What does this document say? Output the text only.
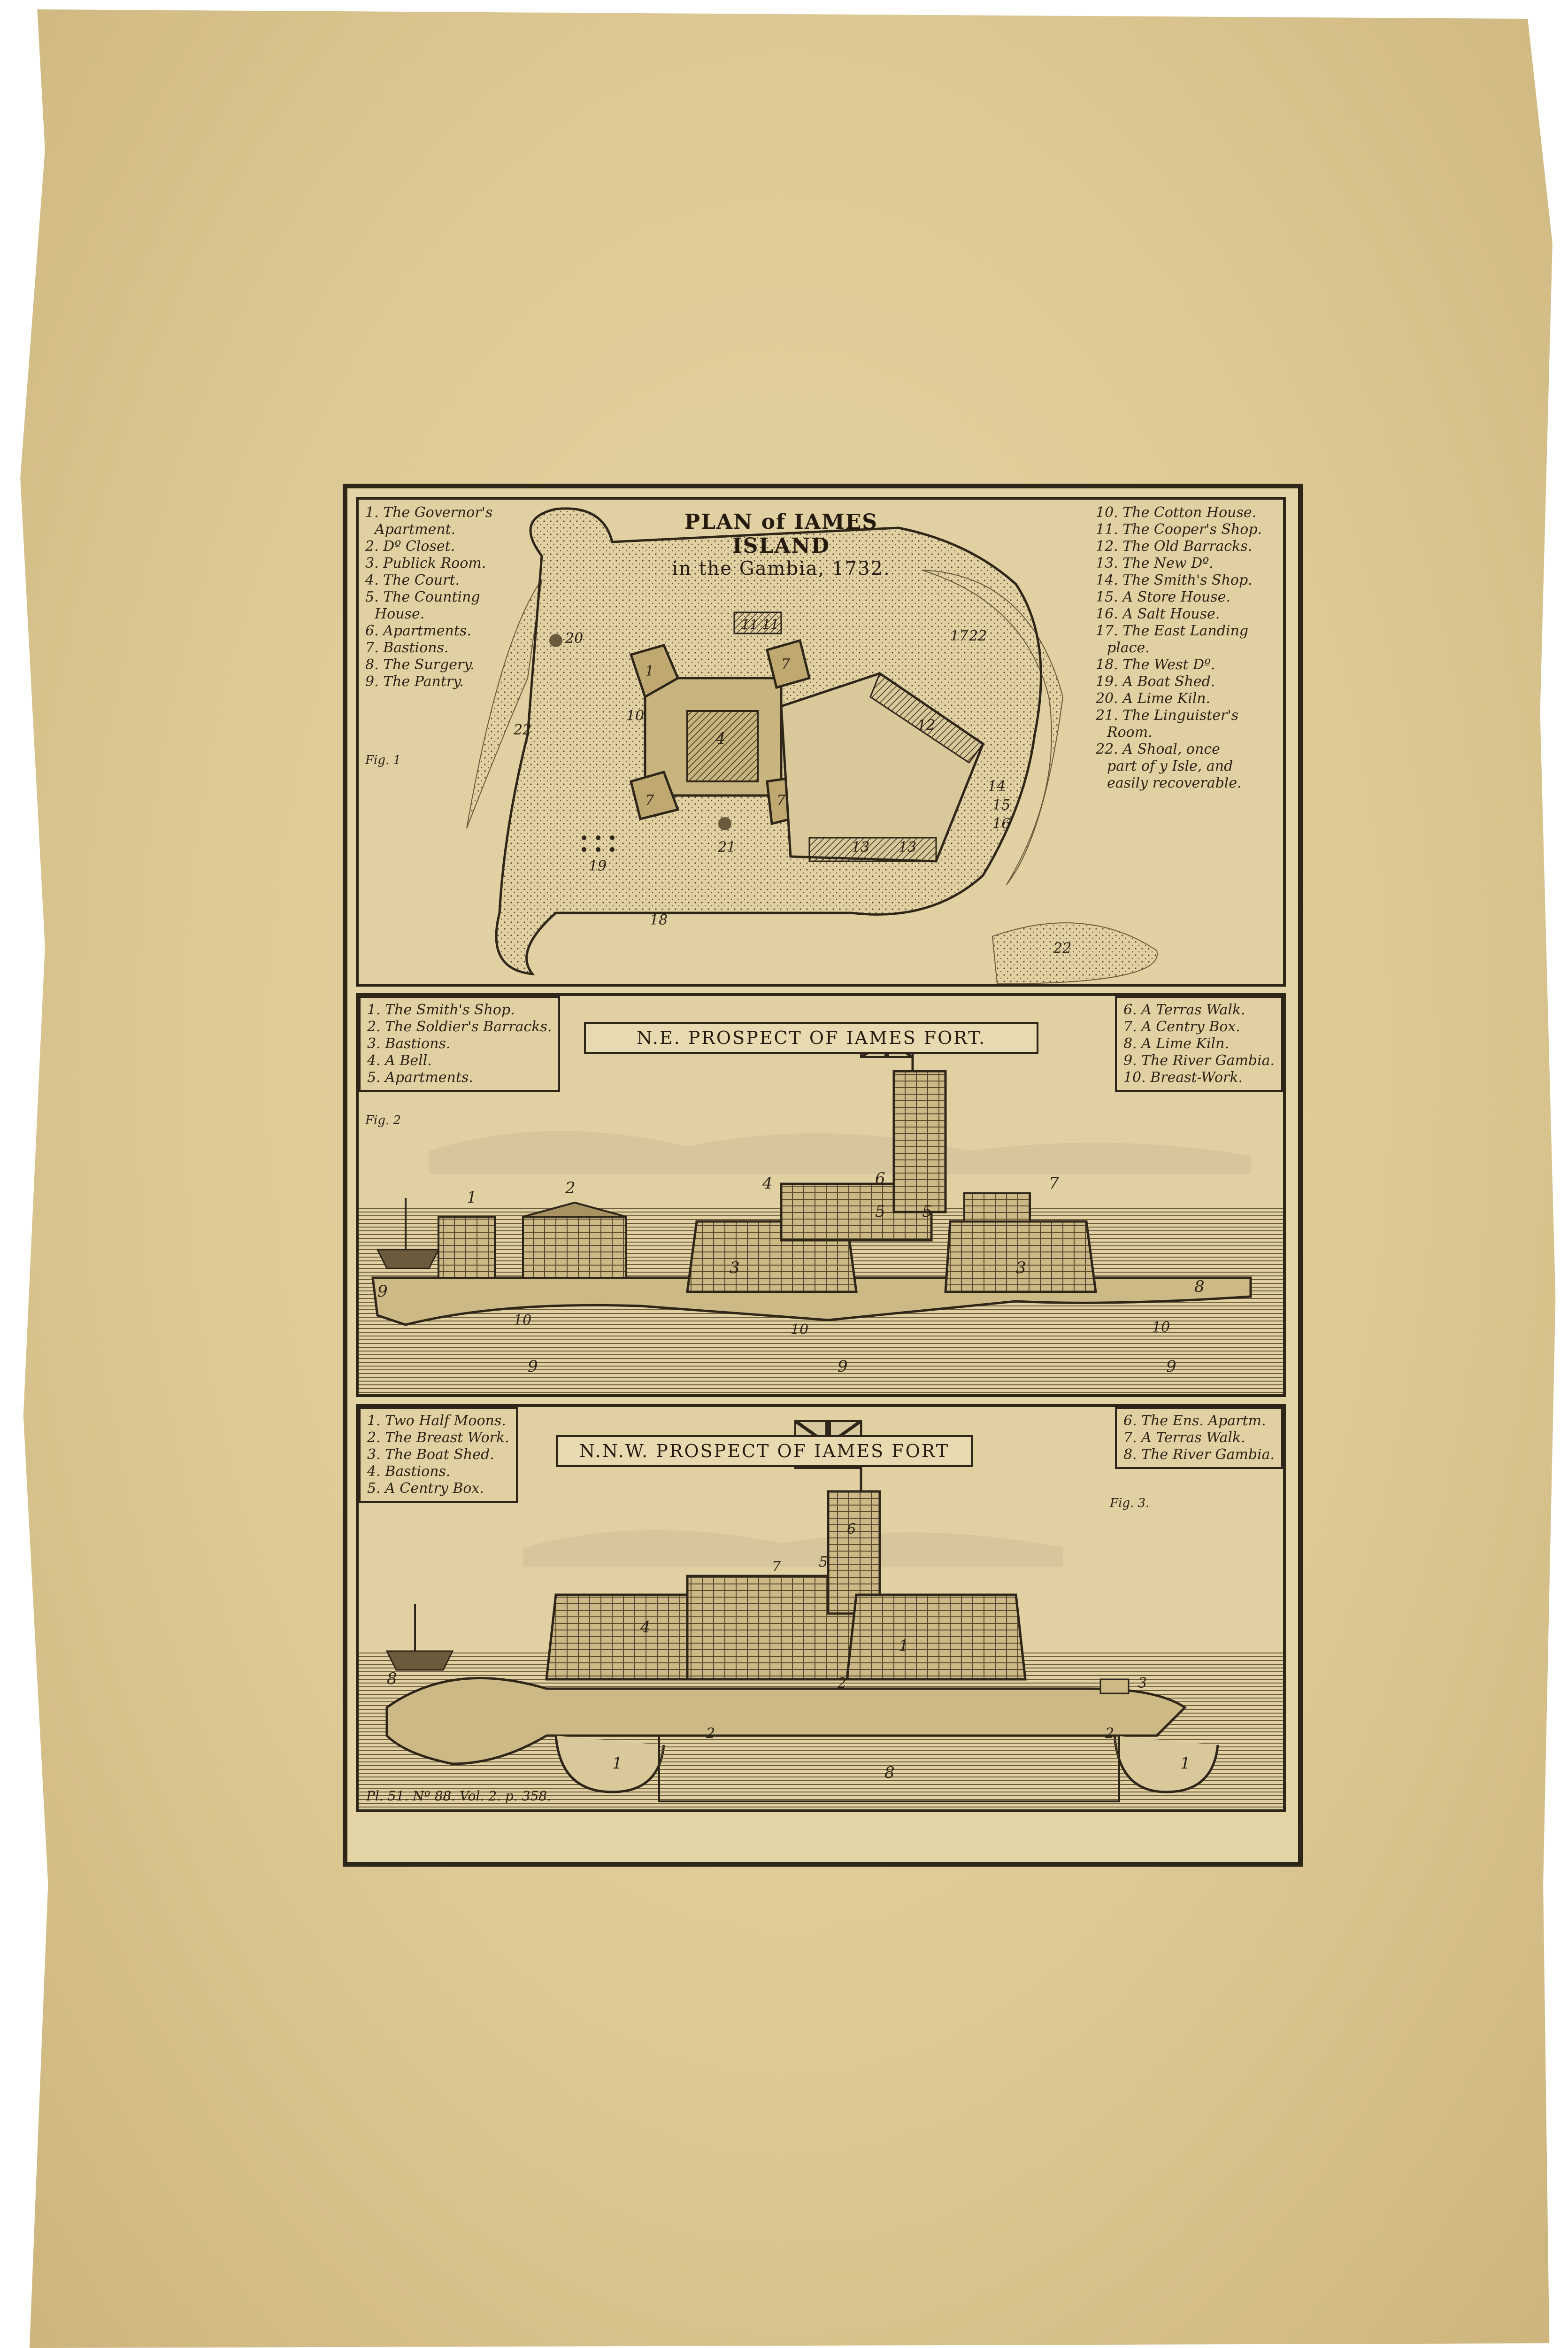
20
22
22
22
19
21
18
17
14
15
16
13 13
12
11 11
10
4
1	7
7	7
1. The Governor's
Apartment.
2. Dº Closet.
3. Publick Room.
4. The Court.
5. The Counting
House.
6. Apartments.
7. Bastions.
8. The Surgery.
9. The Pantry.
Fig. 1
PLAN of IAMES ISLAND
in the Gambia, 1732.
10. The Cotton House.
11. The Cooper's Shop.
12. The Old Barracks.
13. The New Dº.
14. The Smith's Shop.
15. A Store House.
16. A Salt House.
17. The East Landing
place.
18. The West Dº.
19. A Boat Shed.
20. A Lime Kiln.
21. The Linguister's
Room.
22. A Shoal, once
part of y Isle, and
easily recoverable.
1	2
3	3
4
5 5
6	7
8
9
9	9	9
10
10	10
1. The Smith's Shop.
2. The Soldier's Barracks.
3. Bastions.
4. A Bell.
5. Apartments.
Fig. 2
N.E. PROSPECT OF IAMES FORT.
6. A Terras Walk.
7. A Centry Box.
8. A Lime Kiln.
9. The River Gambia.
10. Breast-Work.
1	1
1
2
2
2
3
4
5
6
7
8
8
1. Two Half Moons.
2. The Breast Work.
3. The Boat Shed.
4. Bastions.
5. A Centry Box.
N.N.W. PROSPECT OF IAMES FORT
6. The Ens. Apartm.
7. A Terras Walk.
8. The River Gambia.
Fig. 3.
Pl. 51. Nº 88. Vol. 2. p. 358.
